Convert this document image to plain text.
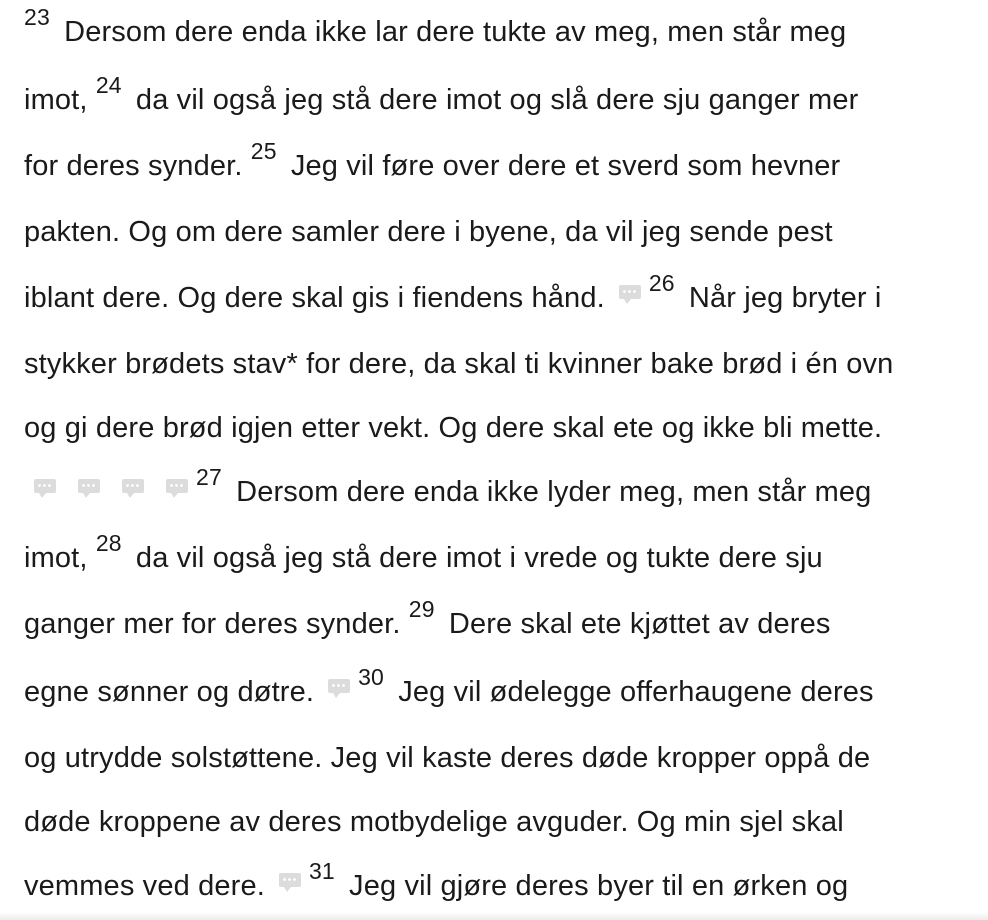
$^{23}$ Dersom dere enda ikke lar dere tukte av meg, men står meg
imot, $^{24}$ da vil også jeg stå dere imot og slå dere sju ganger mer
for deres synder. $^{25}$ Jeg vil føre over dere et sverd som hevner
pakten. Og om dere samler dere i byene, da vil jeg sende pest
iblant dere. Og dere skal gis i fiendens hånd. $^{26}$ Når jeg bryter i
stykker brødets stav* for dere, da skal ti kvinner bake brød i én ovn
og gi dere brød igjen etter vekt. Og dere skal ete og ikke bli mette.
$^{27}$ Dersom dere enda ikke lyder meg, men står meg
imot, $^{28}$ da vil også jeg stå dere imot i vrede og tukte dere sju
ganger mer for deres synder. $^{29}$ Dere skal ete kjøttet av deres
egne sønner og døtre. $^{30}$ Jeg vil ødelegge offerhaugene deres
og utrydde solstøttene. Jeg vil kaste deres døde kropper oppå de
døde kroppene av deres motbydelige avguder. Og min sjel skal
vemmes ved dere. $^{31}$ Jeg vil gjøre deres byer til en ørken og
